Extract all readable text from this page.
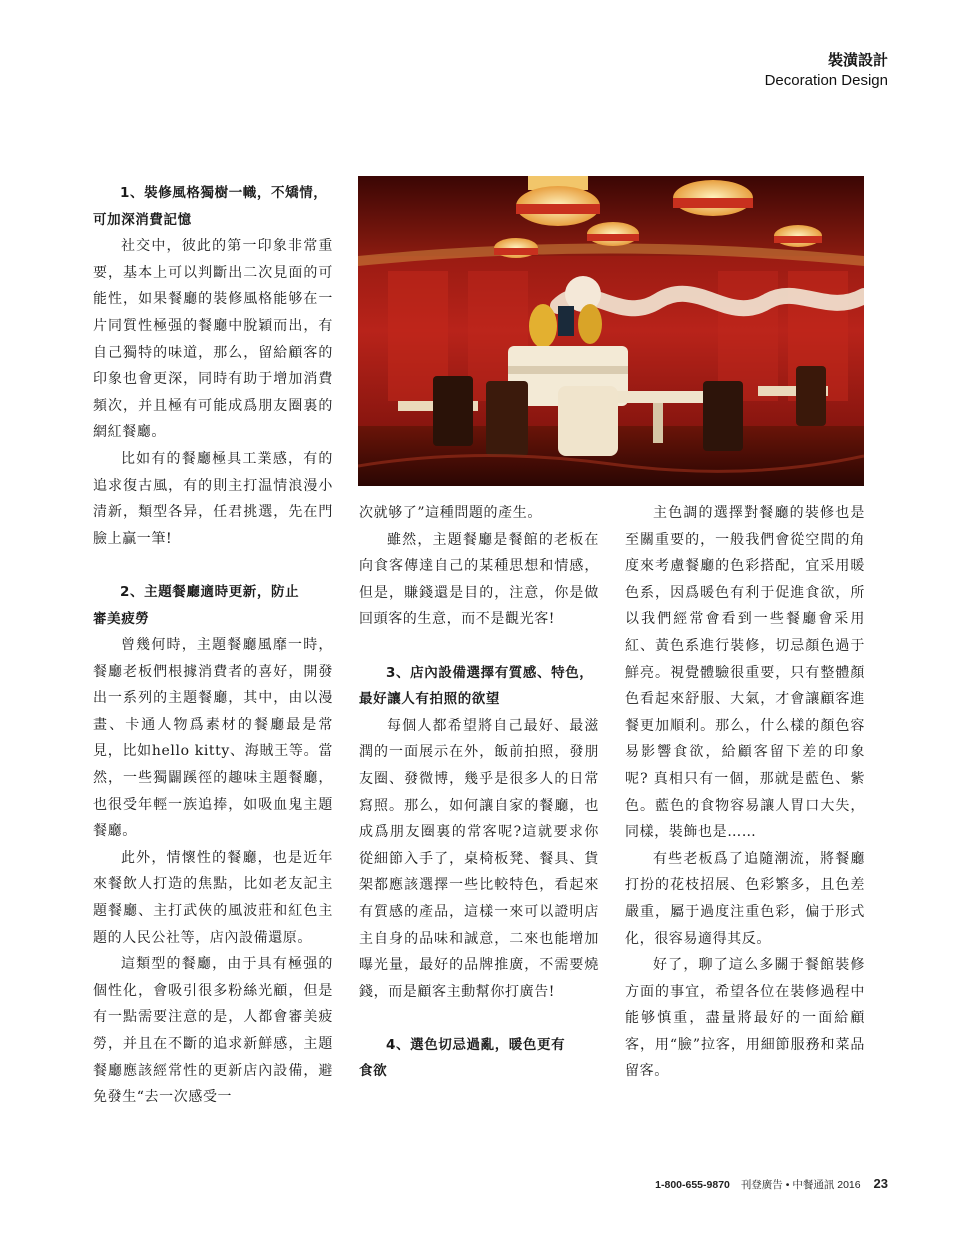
裝潢設計
Decoration Design

1、裝修風格獨樹一幟，不矯情，
可加深消費記憶

社交中，彼此的第一印象非常重要，基本上可以判斷出二次見面的可能性，如果餐廳的裝修風格能够在一片同質性極强的餐廳中脫穎而出，有自己獨特的味道，那么，留給顧客的印象也會更深，同時有助于增加消費頻次，并且極有可能成爲朋友圈裏的網紅餐廳。

比如有的餐廳極具工業感，有的追求復古風，有的則主打温情浪漫小清新，類型各异，任君挑選，先在門臉上贏一筆!

2、主題餐廳適時更新，防止
審美疲勞

曾幾何時，主題餐廳風靡一時，餐廳老板們根據消費者的喜好，開發出一系列的主題餐廳，其中，由以漫畫、卡通人物爲素材的餐廳最是常見，比如hello kitty、海賊王等。當然，一些獨闢蹊徑的趣味主題餐廳，也很受年輕一族追捧，如吸血鬼主題餐廳。

此外，情懷性的餐廳，也是近年來餐飲人打造的焦點，比如老友記主題餐廳、主打武俠的風波莊和紅色主題的人民公社等，店內設備還原。

這類型的餐廳，由于具有極强的個性化，會吸引很多粉絲光顧，但是有一點需要注意的是，人都會審美疲勞，并且在不斷的追求新鮮感，主題餐廳應該經常性的更新店內設備，避免發生“去一次感受一

次就够了”這種問題的產生。

雖然，主題餐廳是餐館的老板在向食客傳達自己的某種思想和情感，但是，賺錢還是目的，注意，你是做回頭客的生意，而不是觀光客!

3、店內設備選擇有質感、特色，
最好讓人有拍照的欲望

每個人都希望將自己最好、最滋潤的一面展示在外，飯前拍照，發朋友圈、發微博，幾乎是很多人的日常寫照。那么，如何讓自家的餐廳，也成爲朋友圈裏的常客呢?這就要求你從細節入手了，桌椅板凳、餐具、貨架都應該選擇一些比較特色，看起來有質感的產品，這樣一來可以證明店主自身的品味和誠意，二來也能增加曝光量，最好的品牌推廣，不需要燒錢，而是顧客主動幫你打廣告!

4、選色切忌過亂，暖色更有
食欲

主色調的選擇對餐廳的裝修也是至關重要的，一般我們會從空間的角度來考慮餐廳的色彩搭配，宜采用暖色系，因爲暖色有利于促進食欲，所以我們經常會看到一些餐廳會采用紅、黃色系進行裝修，切忌顏色過于鮮亮。視覺體驗很重要，只有整體顏色看起來舒服、大氣，才會讓顧客進餐更加順利。那么，什么樣的顏色容易影響食欲，給顧客留下差的印象呢? 真相只有一個，那就是藍色、紫色。藍色的食物容易讓人胃口大失，同樣，裝飾也是……

有些老板爲了追隨潮流，將餐廳打扮的花枝招展、色彩繁多，且色差嚴重，屬于過度注重色彩，偏于形式化，很容易適得其反。

好了，聊了這么多關于餐館裝修方面的事宜，希望各位在裝修過程中能够慎重，盡量將最好的一面給顧客，用“臉”拉客，用細節服務和菜品留客。

1-800-655-9870 刊登廣告 • 中餐通訊 2016 23
